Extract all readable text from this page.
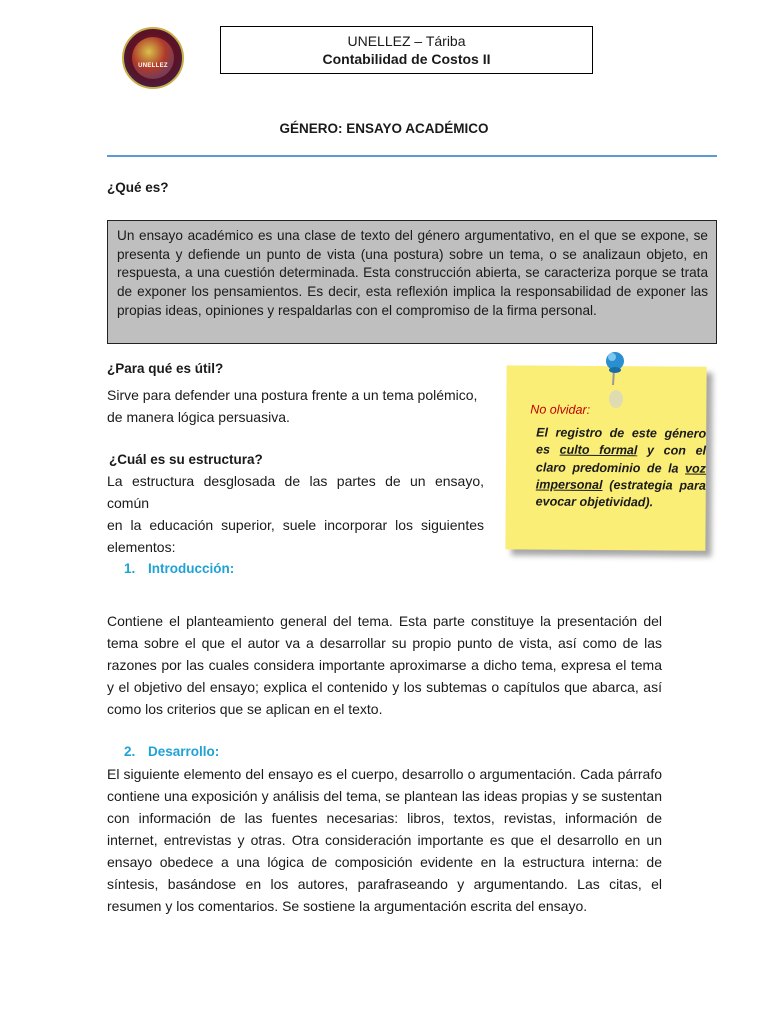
UNELLEZ
UNELLEZ – Táriba
Contabilidad de Costos II
GÉNERO: ENSAYO ACADÉMICO
¿Qué es?
Un ensayo académico es una clase de texto del género argumentativo, en el que se expone, se presenta y defiende un punto de vista (una postura) sobre un tema, o se analizaun objeto, en respuesta, a una cuestión determinada. Esta construcción abierta, se caracteriza porque se trata de exponer los pensamientos. Es decir, esta reflexión implica la responsabilidad de exponer las propias ideas, opiniones y respaldarlas con el compromiso de la firma personal.
¿Para qué es útil?
Sirve para defender una postura frente a un tema polémico,
de manera lógica persuasiva.
¿Cuál es su estructura?
La estructura desglosada de las partes de un ensayo, común
en la educación superior, suele incorporar los siguientes
elementos:
No olvidar:
El registro de este género es culto formal y con el claro predominio de la voz impersonal (estrategia para evocar objetividad).
1. Introducción:
Contiene el planteamiento general del tema. Esta parte constituye la presentación del tema sobre el que el autor va a desarrollar su propio punto de vista, así como de las razones por las cuales considera importante aproximarse a dicho tema, expresa el tema y el objetivo del ensayo; explica el contenido y los subtemas o capítulos que abarca, así como los criterios que se aplican en el texto.
2. Desarrollo:
El siguiente elemento del ensayo es el cuerpo, desarrollo o argumentación. Cada párrafo contiene una exposición y análisis del tema, se plantean las ideas propias y se sustentan con información de las fuentes necesarias: libros, textos, revistas, información de internet, entrevistas y otras. Otra consideración importante es que el desarrollo en un ensayo obedece a una lógica de composición evidente en la estructura interna: de síntesis, basándose en los autores, parafraseando y argumentando. Las citas, el resumen y los comentarios. Se sostiene la argumentación escrita del ensayo.
